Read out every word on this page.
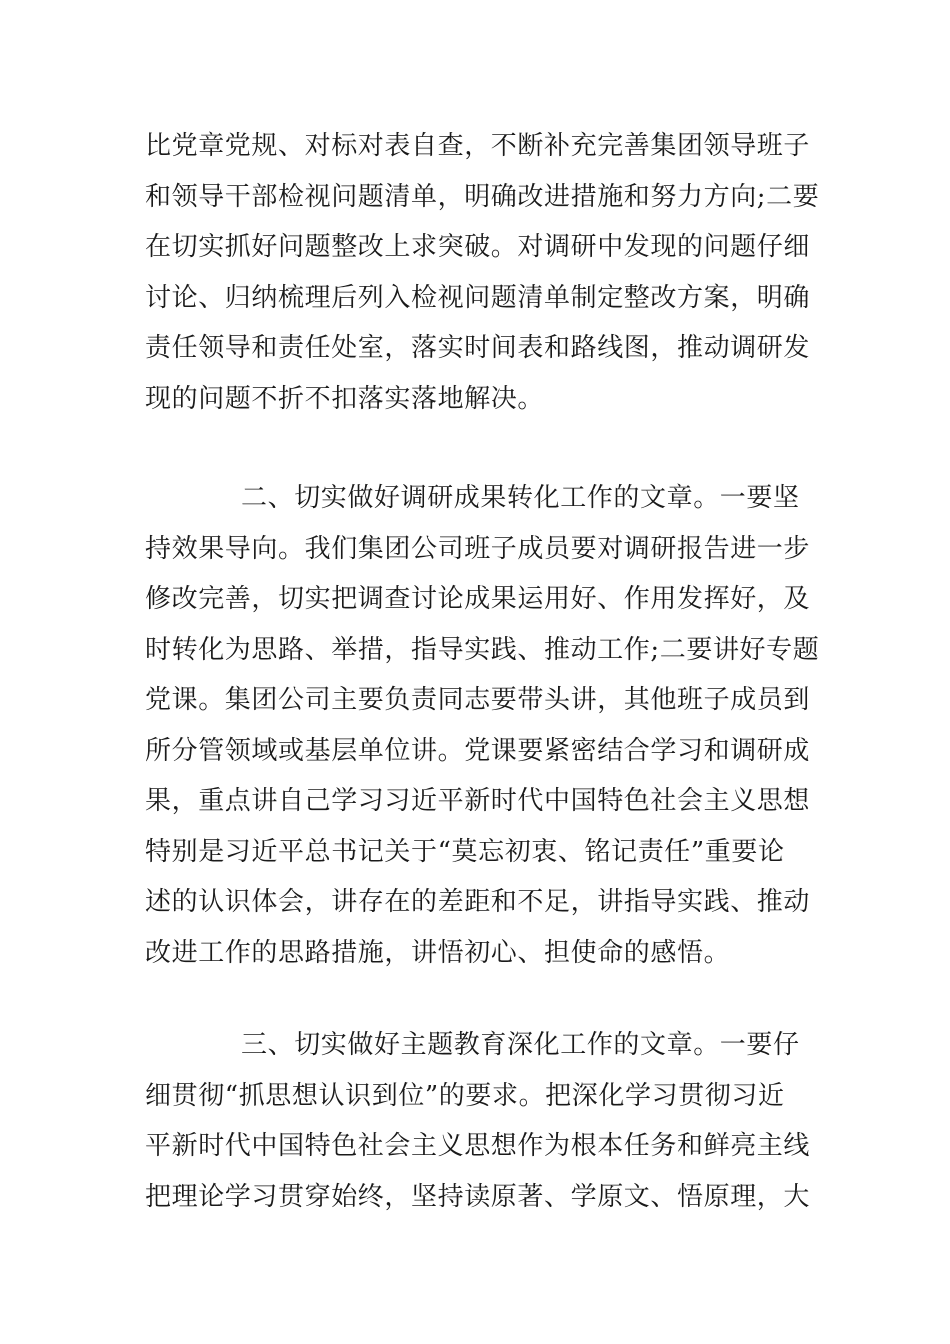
比党章党规、对标对表自查，不断补充完善集团领导班子
和领导干部检视问题清单，明确改进措施和努力方向;二要
在切实抓好问题整改上求突破。对调研中发现的问题仔细
讨论、归纳梳理后列入检视问题清单制定整改方案，明确
责任领导和责任处室，落实时间表和路线图，推动调研发
现的问题不折不扣落实落地解决。

二、切实做好调研成果转化工作的文章。一要坚
持效果导向。我们集团公司班子成员要对调研报告进一步
修改完善，切实把调查讨论成果运用好、作用发挥好，及
时转化为思路、举措，指导实践、推动工作;二要讲好专题
党课。集团公司主要负责同志要带头讲，其他班子成员到
所分管领域或基层单位讲。党课要紧密结合学习和调研成
果，重点讲自己学习习近平新时代中国特色社会主义思想
特别是习近平总书记关于“莫忘初衷、铭记责任”重要论
述的认识体会，讲存在的差距和不足，讲指导实践、推动
改进工作的思路措施，讲悟初心、担使命的感悟。

三、切实做好主题教育深化工作的文章。一要仔
细贯彻“抓思想认识到位”的要求。把深化学习贯彻习近
平新时代中国特色社会主义思想作为根本任务和鲜亮主线
把理论学习贯穿始终，坚持读原著、学原文、悟原理，大
